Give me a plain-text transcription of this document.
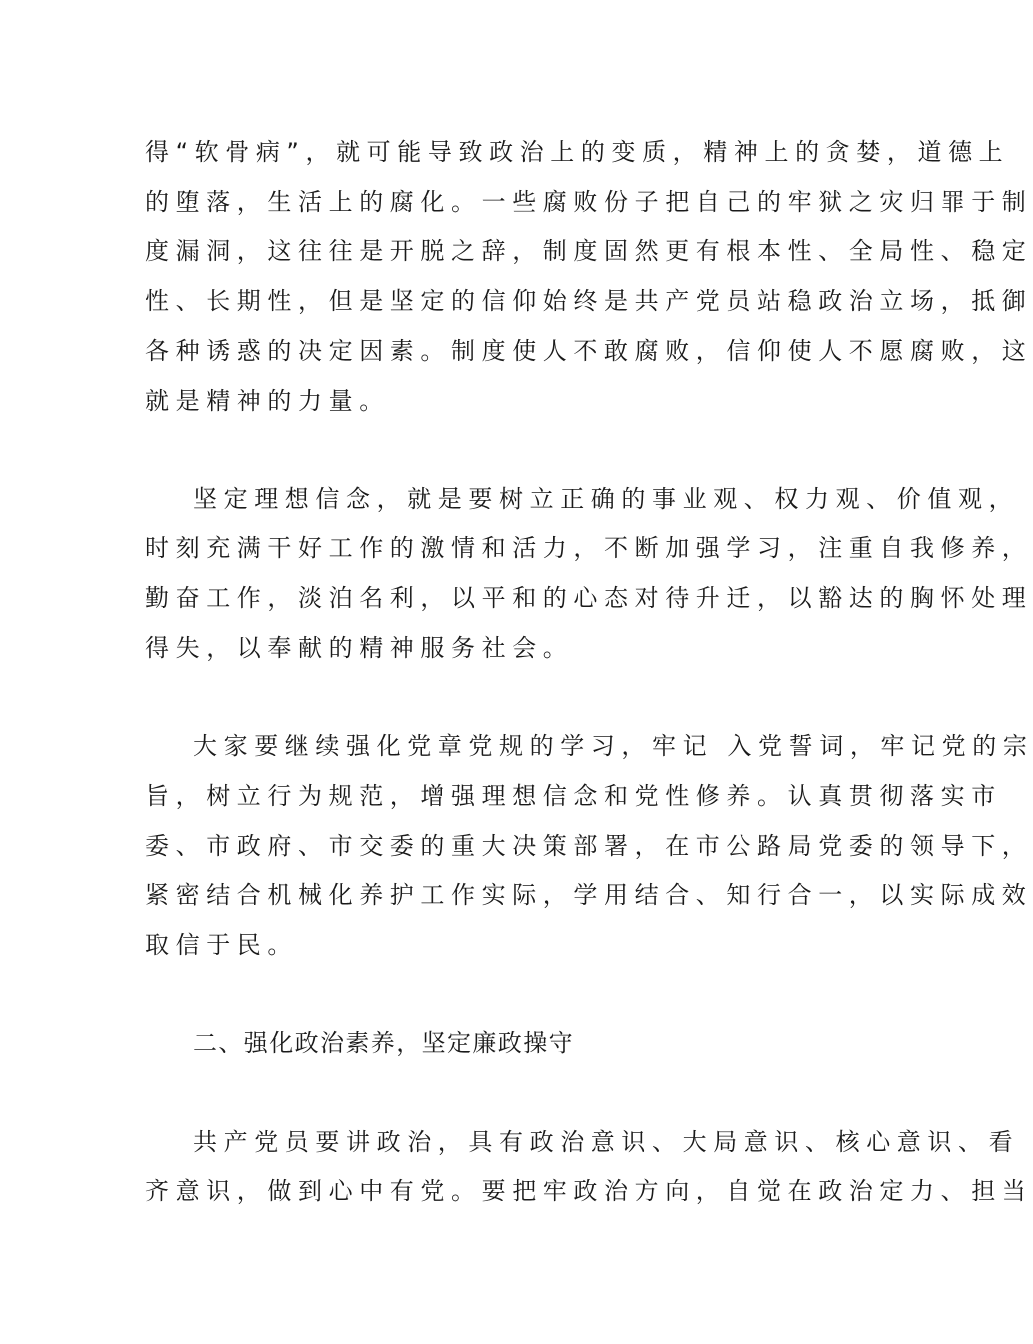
得“软骨病”，就可能导致政治上的变质，精神上的贪婪，道德上
的堕落，生活上的腐化。一些腐败份子把自己的牢狱之灾归罪于制
度漏洞，这往往是开脱之辞，制度固然更有根本性、全局性、稳定
性、长期性，但是坚定的信仰始终是共产党员站稳政治立场，抵御
各种诱惑的决定因素。制度使人不敢腐败，信仰使人不愿腐败，这
就是精神的力量。
坚定理想信念，就是要树立正确的事业观、权力观、价值观，
时刻充满干好工作的激情和活力，不断加强学习，注重自我修养，
勤奋工作，淡泊名利，以平和的心态对待升迁，以豁达的胸怀处理
得失，以奉献的精神服务社会。
大家要继续强化党章党规的学习，牢记 入党誓词，牢记党的宗
旨，树立行为规范，增强理想信念和党性修养。认真贯彻落实市
委、市政府、市交委的重大决策部署，在市公路局党委的领导下，
紧密结合机械化养护工作实际，学用结合、知行合一，以实际成效
取信于民。
二、强化政治素养，坚定廉政操守
共产党员要讲政治，具有政治意识、大局意识、核心意识、看
齐意识，做到心中有党。要把牢政治方向，自觉在政治定力、担当
